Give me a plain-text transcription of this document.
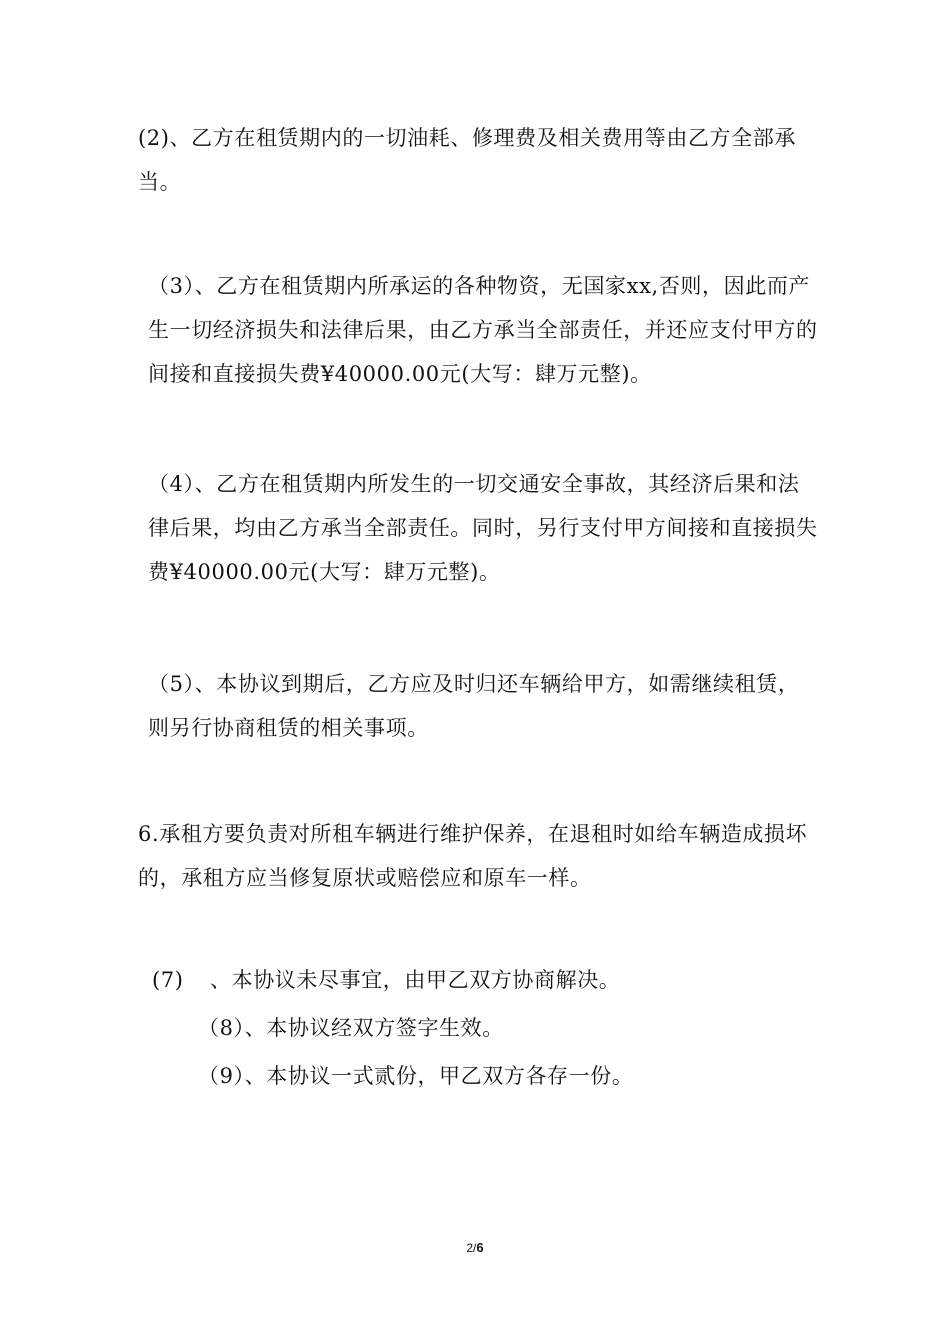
(2)、乙方在租赁期内的一切油耗、修理费及相关费用等由乙方全部承当。

（3）、乙方在租赁期内所承运的各种物资，无国家xx,否则，因此而产生一切经济损失和法律后果，由乙方承当全部责任，并还应支付甲方的间接和直接损失费¥40000.00元(大写：肆万元整)。

（4）、乙方在租赁期内所发生的一切交通安全事故，其经济后果和法律后果，均由乙方承当全部责任。同时，另行支付甲方间接和直接损失费¥40000.00元(大写：肆万元整)。

（5）、本协议到期后，乙方应及时归还车辆给甲方，如需继续租赁，则另行协商租赁的相关事项。

6.承租方要负责对所租车辆进行维护保养，在退租时如给车辆造成损坏的，承租方应当修复原状或赔偿应和原车一样。

(7) 、本协议未尽事宜，由甲乙双方协商解决。

（8）、本协议经双方签字生效。

（9）、本协议一式贰份，甲乙双方各存一份。

2/6
